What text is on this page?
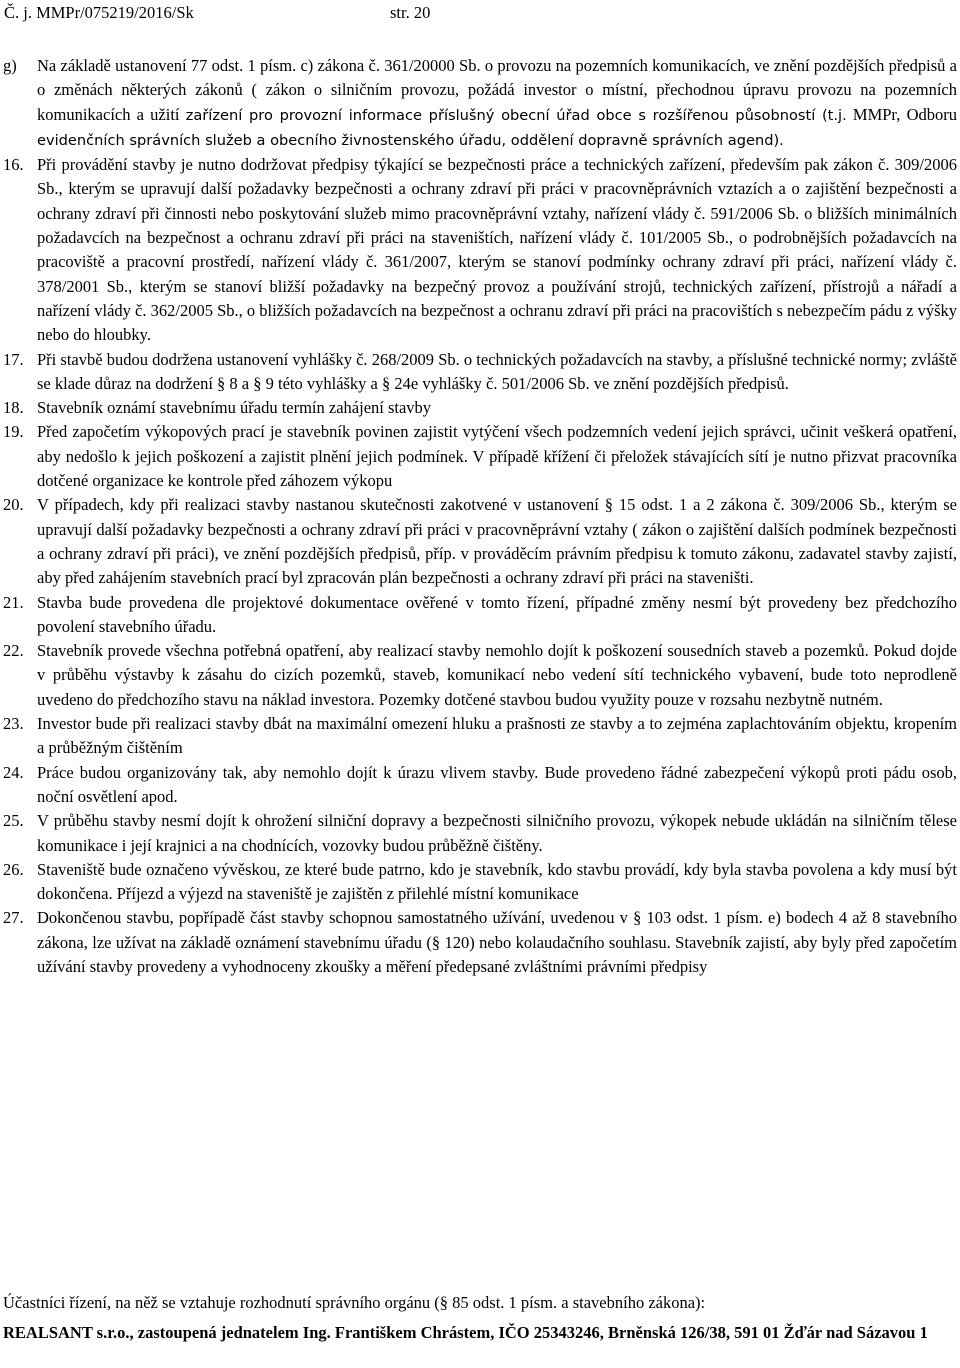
Č. j. MMPr/075219/2016/Sk	str. 20
g)	Na základě ustanovení 77 odst. 1 písm. c) zákona č. 361/20000 Sb. o provozu na pozemních komunikacích, ve znění pozdějších předpisů a o změnách některých zákonů ( zákon o silničním provozu, požádá investor o místní, přechodnou úpravu provozu na pozemních komunikacích a užití zařízení pro provozní informace příslušný obecní úřad obce s rozšířenou působností (t.j. MMPr, Odboru evidenčních správních služeb a obecního živnostenského úřadu, oddělení dopravně správních agend).
16. Při provádění stavby je nutno dodržovat předpisy týkající se bezpečnosti práce a technických zařízení, především pak zákon č. 309/2006 Sb., kterým se upravují další požadavky bezpečnosti a ochrany zdraví při práci v pracovněprávních vztazích a o zajištění bezpečnosti a ochrany zdraví při činnosti nebo poskytování služeb mimo pracovněprávní vztahy, nařízení vlády č. 591/2006 Sb. o bližších minimálních požadavcích na bezpečnost a ochranu zdraví při práci na staveništích, nařízení vlády č. 101/2005 Sb., o podrobnějších požadavcích na pracoviště a pracovní prostředí, nařízení vlády č. 361/2007, kterým se stanoví podmínky ochrany zdraví při práci, nařízení vlády č. 378/2001 Sb., kterým se stanoví bližší požadavky na bezpečný provoz a používání strojů, technických zařízení, přístrojů a nářadí a nařízení vlády č. 362/2005 Sb., o bližších požadavcích na bezpečnost a ochranu zdraví při práci na pracovištích s nebezpečím pádu z výšky nebo do hloubky.
17. Při stavbě budou dodržena ustanovení vyhlášky č. 268/2009 Sb. o technických požadavcích na stavby, a příslušné technické normy; zvláště se klade důraz na dodržení § 8 a § 9 této vyhlášky a § 24e vyhlášky č. 501/2006 Sb. ve znění pozdějších předpisů.
18. Stavebník oznámí stavebnímu úřadu termín zahájení stavby
19. Před započetím výkopových prací je stavebník povinen zajistit vytýčení všech podzemních vedení jejich správci, učinit veškerá opatření, aby nedošlo k jejich poškození a zajistit plnění jejich podmínek. V případě křížení či přeložek stávajících sítí je nutno přizvat pracovníka dotčené organizace ke kontrole před záhozem výkopu
20. V případech, kdy při realizaci stavby nastanou skutečnosti zakotvené v ustanovení § 15 odst. 1 a 2 zákona č. 309/2006 Sb., kterým se upravují další požadavky bezpečnosti a ochrany zdraví při práci v pracovněprávní vztahy ( zákon o zajištění dalších podmínek bezpečnosti a ochrany zdraví při práci), ve znění pozdějších předpisů, příp. v prováděcím právním předpisu k tomuto zákonu, zadavatel stavby zajistí, aby před zahájením stavebních prací byl zpracován plán bezpečnosti a ochrany zdraví při práci na staveništi.
21. Stavba bude provedena dle projektové dokumentace ověřené v tomto řízení, případné změny nesmí být provedeny bez předchozího povolení stavebního úřadu.
22. Stavebník provede všechna potřebná opatření, aby realizací stavby nemohlo dojít k poškození sousedních staveb a pozemků. Pokud dojde v průběhu výstavby k zásahu do cizích pozemků, staveb, komunikací nebo vedení sítí technického vybavení, bude toto neprodleně uvedeno do předchozího stavu na náklad investora. Pozemky dotčené stavbou budou využity pouze v rozsahu nezbytně nutném.
23. Investor bude při realizaci stavby dbát na maximální omezení hluku a prašnosti ze stavby a to zejména zaplachtováním objektu, kropením a průběžným čištěním
24. Práce budou organizovány tak, aby nemohlo dojít k úrazu vlivem stavby. Bude provedeno řádné zabezpečení výkopů proti pádu osob, noční osvětlení apod.
25. V průběhu stavby nesmí dojít k ohrožení silniční dopravy a bezpečnosti silničního provozu, výkopek nebude ukládán na silničním tělese komunikace i její krajnici a na chodnících, vozovky budou průběžně čištěny.
26. Staveniště bude označeno vývěskou, ze které bude patrno, kdo je stavebník, kdo stavbu provádí, kdy byla stavba povolena a kdy musí být dokončena. Příjezd a výjezd na staveniště je zajištěn z přilehlé místní komunikace
27. Dokončenou stavbu, popřípadě část stavby schopnou samostatného užívání, uvedenou v § 103 odst. 1 písm. e) bodech 4 až 8 stavebního zákona, lze užívat na základě oznámení stavebnímu úřadu (§ 120) nebo kolaudačního souhlasu. Stavebník zajistí, aby byly před započetím užívání stavby provedeny a vyhodnoceny zkoušky a měření předepsané zvláštními právními předpisy
Účastníci řízení, na něž se vztahuje rozhodnutí správního orgánu (§ 85 odst. 1 písm. a stavebního zákona):
REALSANT s.r.o., zastoupená jednatelem Ing. Františkem Chrástem, IČO 25343246, Brněnská 126/38, 591 01 Žďár nad Sázavou 1
